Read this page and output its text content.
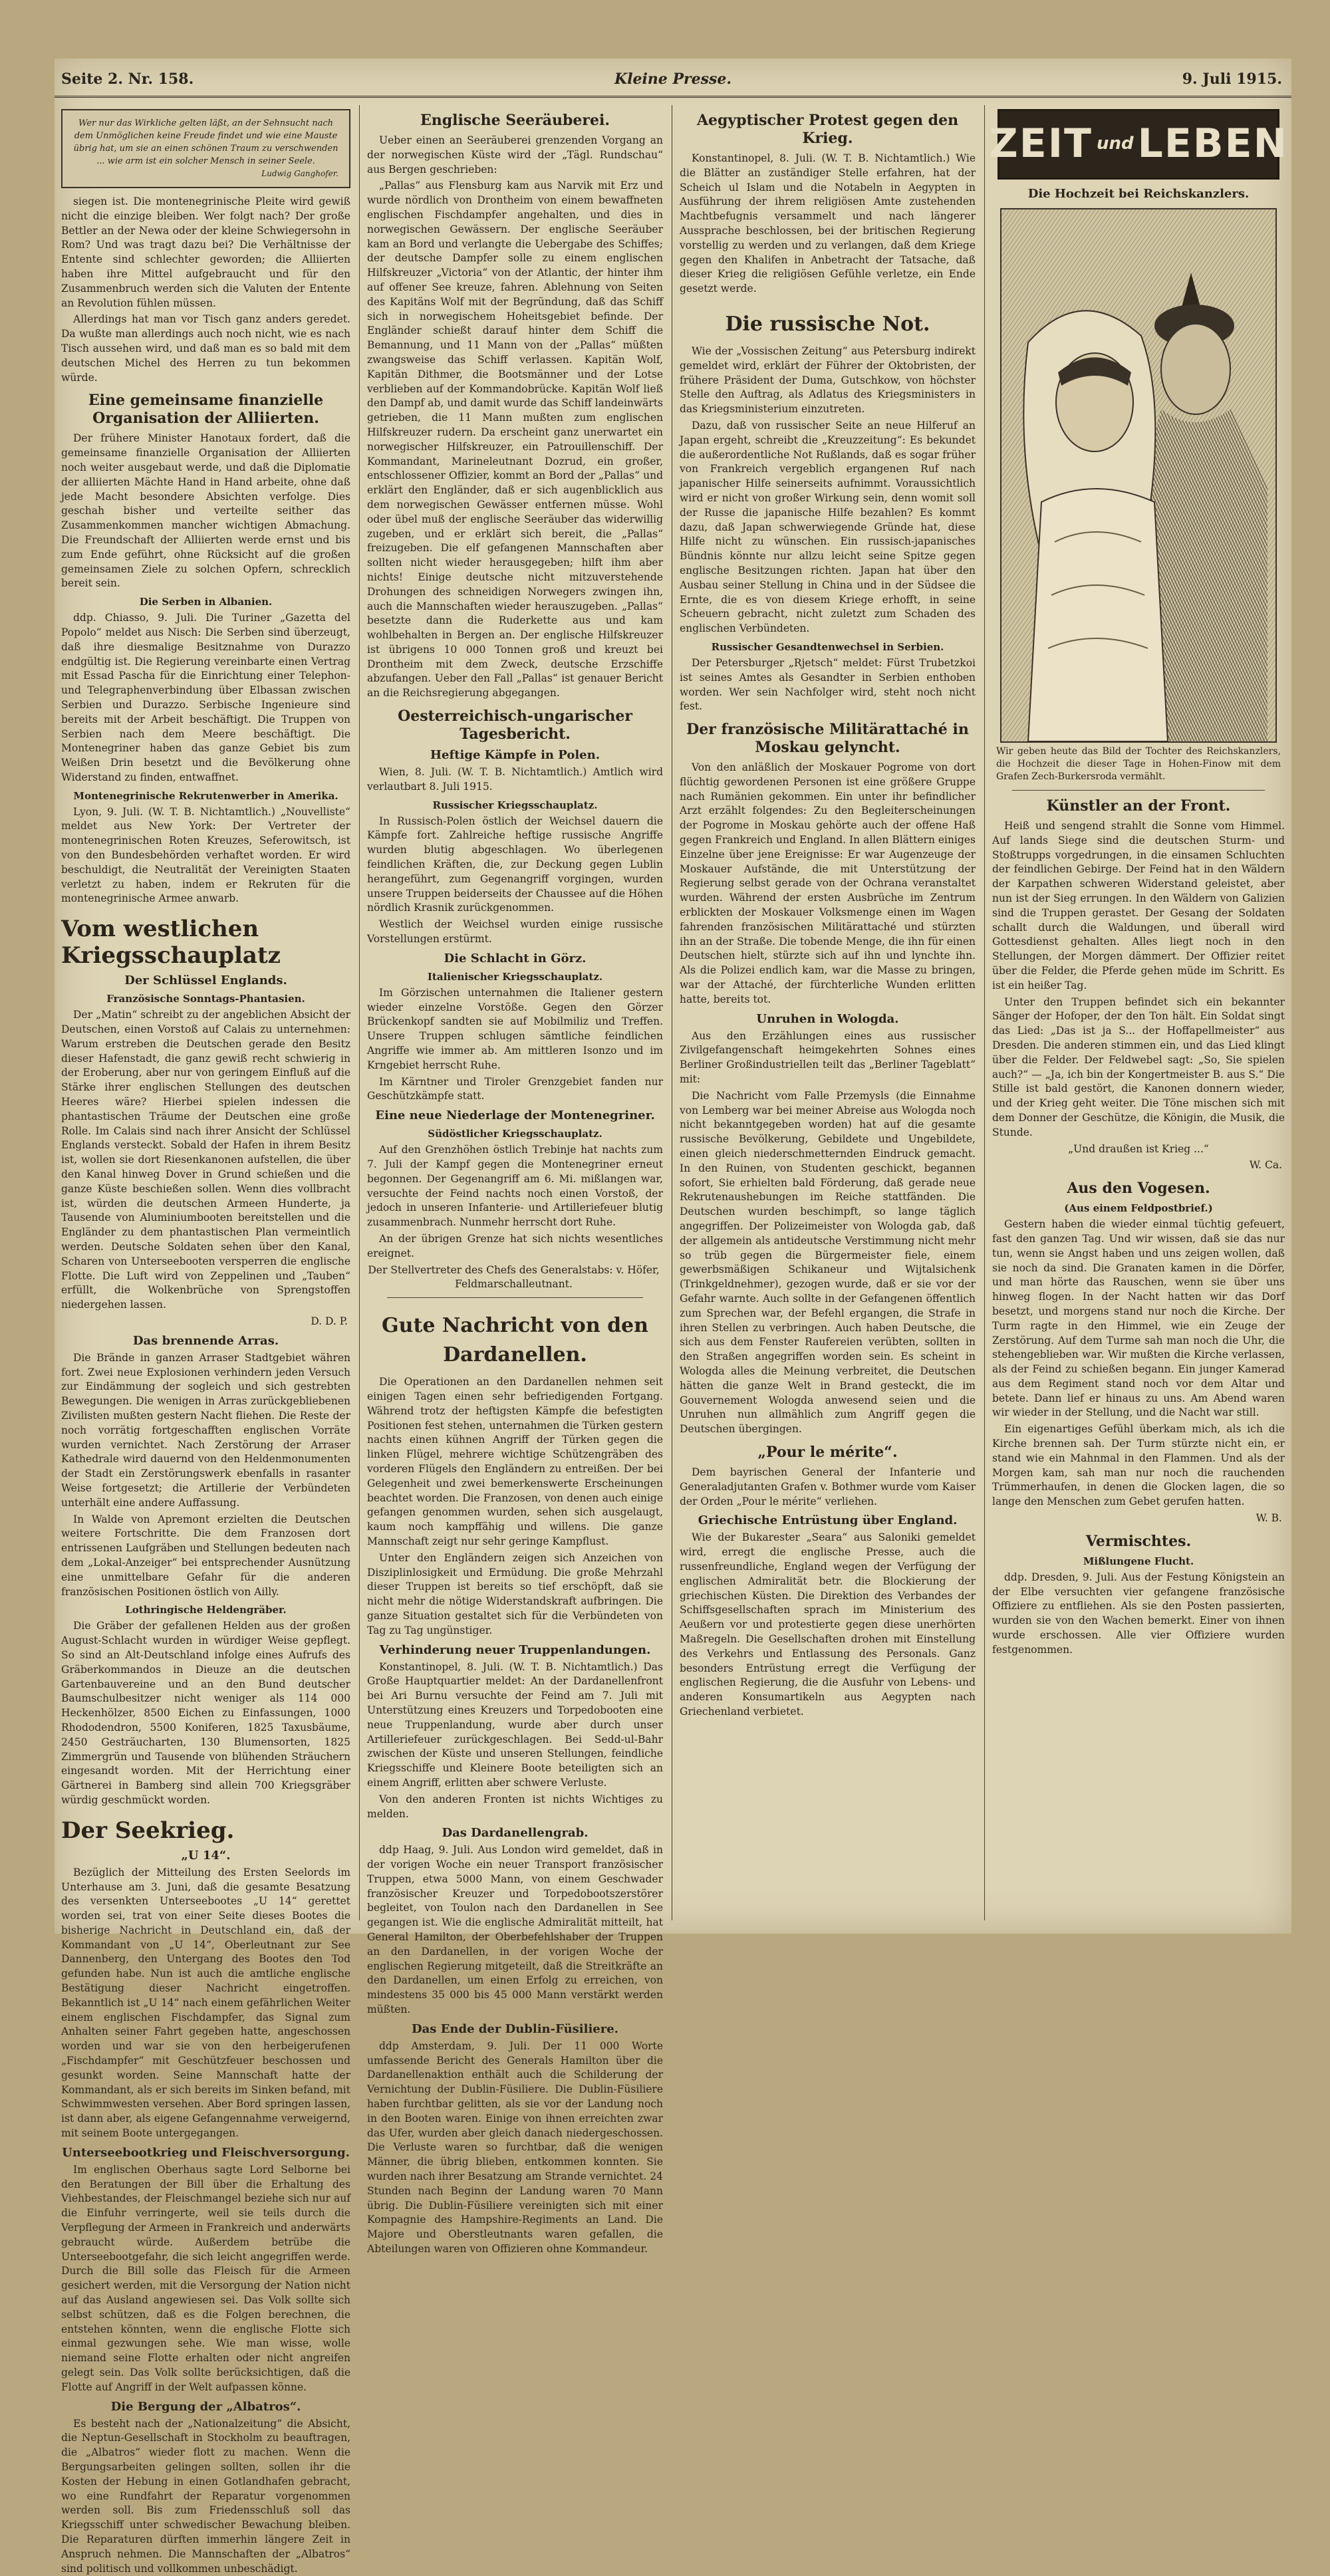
Seite 2. Nr. 158.	Kleine Presse.	9. Juli 1915.
Wer nur das Wirkliche gelten läßt, an der Sehnsucht nach dem Unmöglichen keine Freude findet und wie eine Mauste übrig hat, um sie an einen schönen Traum zu verschwenden ... wie arm ist ein solcher Mensch in seiner Seele.
Ludwig Ganghofer.

siegen ist. Die montenegrinische Pleite wird gewiß nicht die einzige bleiben. Wer folgt nach? Der große Bettler an der Newa oder der kleine Schwiegersohn in Rom? Und was tragt dazu bei? Die Verhältnisse der Entente sind schlechter geworden; die Alliierten haben ihre Mittel aufgebraucht und für den Zusammenbruch werden sich die Valuten der Entente an Revolution fühlen müssen.

Allerdings hat man vor Tisch ganz anders geredet. Da wußte man allerdings auch noch nicht, wie es nach Tisch aussehen wird, und daß man es so bald mit dem deutschen Michel des Herren zu tun bekommen würde.

Eine gemeinsame finanzielle Organisation der Alliierten.

Der frühere Minister Hanotaux fordert, daß die gemeinsame finanzielle Organisation der Alliierten noch weiter ausgebaut werde, und daß die Diplomatie der alliierten Mächte Hand in Hand arbeite, ohne daß jede Macht besondere Absichten verfolge. Dies geschah bisher und verteilte seither das Zusammenkommen mancher wichtigen Abmachung. Die Freundschaft der Alliierten werde ernst und bis zum Ende geführt, ohne Rücksicht auf die großen gemeinsamen Ziele zu solchen Opfern, schrecklich bereit sein.

Die Serben in Albanien.

ddp. Chiasso, 9. Juli. Die Turiner „Gazetta del Popolo“ meldet aus Nisch: Die Serben sind überzeugt, daß ihre diesmalige Besitznahme von Durazzo endgültig ist. Die Regierung vereinbarte einen Vertrag mit Essad Pascha für die Einrichtung einer Telephon- und Telegraphenverbindung über Elbassan zwischen Serbien und Durazzo. Serbische Ingenieure sind bereits mit der Arbeit beschäftigt. Die Truppen von Serbien nach dem Meere beschäftigt. Die Montenegriner haben das ganze Gebiet bis zum Weißen Drin besetzt und die Bevölkerung ohne Widerstand zu finden, entwaffnet.

Montenegrinische Rekrutenwerber in Amerika.

Lyon, 9. Juli. (W. T. B. Nichtamtlich.) „Nouvelliste“ meldet aus New York: Der Vertreter der montenegrinischen Roten Kreuzes, Seferowitsch, ist von den Bundesbehörden verhaftet worden. Er wird beschuldigt, die Neutralität der Vereinigten Staaten verletzt zu haben, indem er Rekruten für die montenegrinische Armee anwarb.

Vom westlichen Kriegsschauplatz
Der Schlüssel Englands.
Französische Sonntags-Phantasien.

Der „Matin“ schreibt zu der angeblichen Absicht der Deutschen, einen Vorstoß auf Calais zu unternehmen: Warum erstreben die Deutschen gerade den Besitz dieser Hafenstadt, die ganz gewiß recht schwierig in der Eroberung, aber nur von geringem Einfluß auf die Stärke ihrer englischen Stellungen des deutschen Heeres wäre? Hierbei spielen indessen die phantastischen Träume der Deutschen eine große Rolle. Im Calais sind nach ihrer Ansicht der Schlüssel Englands versteckt. Sobald der Hafen in ihrem Besitz ist, wollen sie dort Riesenkanonen aufstellen, die über den Kanal hinweg Dover in Grund schießen und die ganze Küste beschießen sollen. Wenn dies vollbracht ist, würden die deutschen Armeen Hunderte, ja Tausende von Aluminiumbooten bereitstellen und die Engländer zu dem phantastischen Plan vermeintlich werden. Deutsche Soldaten sehen über den Kanal, Scharen von Unterseebooten versperren die englische Flotte. Die Luft wird von Zeppelinen und „Tauben“ erfüllt, die Wolkenbrüche von Sprengstoffen niedergehen lassen.

D. D. P.
Das brennende Arras.

Die Brände in ganzen Arraser Stadtgebiet währen fort. Zwei neue Explosionen verhindern jeden Versuch zur Eindämmung der sogleich und sich gestrebten Bewegungen. Die wenigen in Arras zurückgebliebenen Zivilisten mußten gestern Nacht fliehen. Die Reste der noch vorrätig fortgeschafften englischen Vorräte wurden vernichtet. Nach Zerstörung der Arraser Kathedrale wird dauernd von den Heldenmonumenten der Stadt ein Zerstörungswerk ebenfalls in rasanter Weise fortgesetzt; die Artillerie der Verbündeten unterhält eine andere Auffassung.

In Walde von Apremont erzielten die Deutschen weitere Fortschritte. Die dem Franzosen dort entrissenen Laufgräben und Stellungen bedeuten nach dem „Lokal-Anzeiger“ bei entsprechender Ausnützung eine unmittelbare Gefahr für die anderen französischen Positionen östlich von Ailly.

Lothringische Heldengräber.

Die Gräber der gefallenen Helden aus der großen August-Schlacht wurden in würdiger Weise gepflegt. So sind an Alt-Deutschland infolge eines Aufrufs des Gräberkommandos in Dieuze an die deutschen Gartenbauvereine und an den Bund deutscher Baumschulbesitzer nicht weniger als 114 000 Heckenhölzer, 8500 Eichen zu Einfassungen, 1000 Rhododendron, 5500 Koniferen, 1825 Taxusbäume, 2450 Gesträucharten, 130 Blumensorten, 1825 Zimmergrün und Tausende von blühenden Sträuchern eingesandt worden. Mit der Herrichtung einer Gärtnerei in Bamberg sind allein 700 Kriegsgräber würdig geschmückt worden.

Der Seekrieg.
„U 14“.

Bezüglich der Mitteilung des Ersten Seelords im Unterhause am 3. Juni, daß die gesamte Besatzung des versenkten Unterseebootes „U 14“ gerettet worden sei, trat von einer Seite dieses Bootes die bisherige Nachricht in Deutschland ein, daß der Kommandant von „U 14“, Oberleutnant zur See Dannenberg, den Untergang des Bootes den Tod gefunden habe. Nun ist auch die amtliche englische Bestätigung dieser Nachricht eingetroffen. Bekanntlich ist „U 14“ nach einem gefährlichen Weiter einem englischen Fischdampfer, das Signal zum Anhalten seiner Fahrt gegeben hatte, angeschossen worden und war sie von den herbeigerufenen „Fischdampfer“ mit Geschützfeuer beschossen und gesunkt worden. Seine Mannschaft hatte der Kommandant, als er sich bereits im Sinken befand, mit Schwimmwesten versehen. Aber Bord springen lassen, ist dann aber, als eigene Gefangennahme verweigernd, mit seinem Boote untergegangen.

Unterseebootkrieg und Fleischversorgung.

Im englischen Oberhaus sagte Lord Selborne bei den Beratungen der Bill über die Erhaltung des Viehbestandes, der Fleischmangel beziehe sich nur auf die Einfuhr verringerte, weil sie teils durch die Verpflegung der Armeen in Frankreich und anderwärts gebraucht würde. Außerdem betrübe die Unterseebootgefahr, die sich leicht angegriffen werde. Durch die Bill solle das Fleisch für die Armeen gesichert werden, mit die Versorgung der Nation nicht auf das Ausland angewiesen sei. Das Volk sollte sich selbst schützen, daß es die Folgen berechnen, die entstehen könnten, wenn die englische Flotte sich einmal gezwungen sehe. Wie man wisse, wolle niemand seine Flotte erhalten oder nicht angreifen gelegt sein. Das Volk sollte berücksichtigen, daß die Flotte auf Angriff in der Welt aufpassen könne.

Die Bergung der „Albatros“.

Es besteht nach der „Nationalzeitung“ die Absicht, die Neptun-Gesellschaft in Stockholm zu beauftragen, die „Albatros“ wieder flott zu machen. Wenn die Bergungsarbeiten gelingen sollten, sollen ihr die Kosten der Hebung in einen Gotlandhafen gebracht, wo eine Rundfahrt der Reparatur vorgenommen werden soll. Bis zum Friedensschluß soll das Kriegsschiff unter schwedischer Bewachung bleiben. Die Reparaturen dürften immerhin längere Zeit in Anspruch nehmen. Die Mannschaften der „Albatros“ sind politisch und vollkommen unbeschädigt.

Englische Seeräuberei.

Ueber einen an Seeräuberei grenzenden Vorgang an der norwegischen Küste wird der „Tägl. Rundschau“ aus Bergen geschrieben:

„Pallas“ aus Flensburg kam aus Narvik mit Erz und wurde nördlich von Drontheim von einem bewaffneten englischen Fischdampfer angehalten, und dies in norwegischen Gewässern. Der englische Seeräuber kam an Bord und verlangte die Uebergabe des Schiffes; der deutsche Dampfer solle zu einem englischen Hilfskreuzer „Victoria“ von der Atlantic, der hinter ihm auf offener See kreuze, fahren. Ablehnung von Seiten des Kapitäns Wolf mit der Begründung, daß das Schiff sich in norwegischem Hoheitsgebiet befinde. Der Engländer schießt darauf hinter dem Schiff die Bemannung, und 11 Mann von der „Pallas“ müßten zwangsweise das Schiff verlassen. Kapitän Wolf, Kapitän Dithmer, die Bootsmänner und der Lotse verblieben auf der Kommandobrücke. Kapitän Wolf ließ den Dampf ab, und damit wurde das Schiff landeinwärts getrieben, die 11 Mann mußten zum englischen Hilfskreuzer rudern. Da erscheint ganz unerwartet ein norwegischer Hilfskreuzer, ein Patrouillenschiff. Der Kommandant, Marineleutnant Dozrud, ein großer, entschlossener Offizier, kommt an Bord der „Pallas“ und erklärt den Engländer, daß er sich augenblicklich aus dem norwegischen Gewässer entfernen müsse. Wohl oder übel muß der englische Seeräuber das widerwillig zugeben, und er erklärt sich bereit, die „Pallas“ freizugeben. Die elf gefangenen Mannschaften aber sollten nicht wieder herausgegeben; hilft ihm aber nichts! Einige deutsche nicht mitzuverstehende Drohungen des schneidigen Norwegers zwingen ihn, auch die Mannschaften wieder herauszugeben. „Pallas“ besetzte dann die Ruderkette aus und kam wohlbehalten in Bergen an. Der englische Hilfskreuzer ist übrigens 10 000 Tonnen groß und kreuzt bei Drontheim mit dem Zweck, deutsche Erzschiffe abzufangen. Ueber den Fall „Pallas“ ist genauer Bericht an die Reichsregierung abgegangen.

Oesterreichisch-ungarischer Tagesbericht.
Heftige Kämpfe in Polen.

Wien, 8. Juli. (W. T. B. Nichtamtlich.) Amtlich wird verlautbart 8. Juli 1915.

Russischer Kriegsschauplatz.

In Russisch-Polen östlich der Weichsel dauern die Kämpfe fort. Zahlreiche heftige russische Angriffe wurden blutig abgeschlagen. Wo überlegenen feindlichen Kräften, die, zur Deckung gegen Lublin herangeführt, zum Gegenangriff vorgingen, wurden unsere Truppen beiderseits der Chaussee auf die Höhen nördlich Krasnik zurückgenommen.

Westlich der Weichsel wurden einige russische Vorstellungen erstürmt.

Die Schlacht in Görz.
Italienischer Kriegsschauplatz.

Im Görzischen unternahmen die Italiener gestern wieder einzelne Vorstöße. Gegen den Görzer Brückenkopf sandten sie auf Mobilmiliz und Treffen. Unsere Truppen schlugen sämtliche feindlichen Angriffe wie immer ab. Am mittleren Isonzo und im Krngebiet herrscht Ruhe.

Im Kärntner und Tiroler Grenzgebiet fanden nur Geschützkämpfe statt.

Eine neue Niederlage der Montenegriner.
Südöstlicher Kriegsschauplatz.

Auf den Grenzhöhen östlich Trebinje hat nachts zum 7. Juli der Kampf gegen die Montenegriner erneut begonnen. Der Gegenangriff am 6. Mi. mißlangen war, versuchte der Feind nachts noch einen Vorstoß, der jedoch in unseren Infanterie- und Artilleriefeuer blutig zusammenbrach. Nunmehr herrscht dort Ruhe.

An der übrigen Grenze hat sich nichts wesentliches ereignet.

Der Stellvertreter des Chefs des Generalstabs: v. Höfer, Feldmarschalleutnant.
Gute Nachricht von den Dardanellen.

Die Operationen an den Dardanellen nehmen seit einigen Tagen einen sehr befriedigenden Fortgang. Während trotz der heftigsten Kämpfe die befestigten Positionen fest stehen, unternahmen die Türken gestern nachts einen kühnen Angriff der Türken gegen die linken Flügel, mehrere wichtige Schützengräben des vorderen Flügels den Engländern zu entreißen. Der bei Gelegenheit und zwei bemerkenswerte Erscheinungen beachtet worden. Die Franzosen, von denen auch einige gefangen genommen wurden, sehen sich ausgelaugt, kaum noch kampffähig und willens. Die ganze Mannschaft zeigt nur sehr geringe Kampflust.

Unter den Engländern zeigen sich Anzeichen von Disziplinlosigkeit und Ermüdung. Die große Mehrzahl dieser Truppen ist bereits so tief erschöpft, daß sie nicht mehr die nötige Widerstandskraft aufbringen. Die ganze Situation gestaltet sich für die Verbündeten von Tag zu Tag ungünstiger.

Verhinderung neuer Truppenlandungen.

Konstantinopel, 8. Juli. (W. T. B. Nichtamtlich.) Das Große Hauptquartier meldet: An der Dardanellenfront bei Ari Burnu versuchte der Feind am 7. Juli mit Unterstützung eines Kreuzers und Torpedobooten eine neue Truppenlandung, wurde aber durch unser Artilleriefeuer zurückgeschlagen. Bei Sedd-ul-Bahr zwischen der Küste und unseren Stellungen, feindliche Kriegsschiffe und Kleinere Boote beteiligten sich an einem Angriff, erlitten aber schwere Verluste.

Von den anderen Fronten ist nichts Wichtiges zu melden.

Das Dardanellengrab.

ddp Haag, 9. Juli. Aus London wird gemeldet, daß in der vorigen Woche ein neuer Transport französischer Truppen, etwa 5000 Mann, von einem Geschwader französischer Kreuzer und Torpedobootszerstörer begleitet, von Toulon nach den Dardanellen in See gegangen ist. Wie die englische Admiralität mitteilt, hat General Hamilton, der Oberbefehlshaber der Truppen an den Dardanellen, in der vorigen Woche der englischen Regierung mitgeteilt, daß die Streitkräfte an den Dardanellen, um einen Erfolg zu erreichen, von mindestens 35 000 bis 45 000 Mann verstärkt werden müßten.

Das Ende der Dublin-Füsiliere.

ddp Amsterdam, 9. Juli. Der 11 000 Worte umfassende Bericht des Generals Hamilton über die Dardanellenaktion enthält auch die Schilderung der Vernichtung der Dublin-Füsiliere. Die Dublin-Füsiliere haben furchtbar gelitten, als sie vor der Landung noch in den Booten waren. Einige von ihnen erreichten zwar das Ufer, wurden aber gleich danach niedergeschossen. Die Verluste waren so furchtbar, daß die wenigen Männer, die übrig blieben, entkommen konnten. Sie wurden nach ihrer Besatzung am Strande vernichtet. 24 Stunden nach Beginn der Landung waren 70 Mann übrig. Die Dublin-Füsiliere vereinigten sich mit einer Kompagnie des Hampshire-Regiments an Land. Die Majore und Oberstleutnants waren gefallen, die Abteilungen waren von Offizieren ohne Kommandeur.

Aegyptischer Protest gegen den Krieg.

Konstantinopel, 8. Juli. (W. T. B. Nichtamtlich.) Wie die Blätter an zuständiger Stelle erfahren, hat der Scheich ul Islam und die Notabeln in Aegypten in Ausführung der ihrem religiösen Amte zustehenden Machtbefugnis versammelt und nach längerer Aussprache beschlossen, bei der britischen Regierung vorstellig zu werden und zu verlangen, daß dem Kriege gegen den Khalifen in Anbetracht der Tatsache, daß dieser Krieg die religiösen Gefühle verletze, ein Ende gesetzt werde.

Die russische Not.

Wie der „Vossischen Zeitung“ aus Petersburg indirekt gemeldet wird, erklärt der Führer der Oktobristen, der frühere Präsident der Duma, Gutschkow, von höchster Stelle den Auftrag, als Adlatus des Kriegsministers in das Kriegsministerium einzutreten.

Dazu, daß von russischer Seite an neue Hilferuf an Japan ergeht, schreibt die „Kreuzzeitung“: Es bekundet die außerordentliche Not Rußlands, daß es sogar früher von Frankreich vergeblich ergangenen Ruf nach japanischer Hilfe seinerseits aufnimmt. Voraussichtlich wird er nicht von großer Wirkung sein, denn womit soll der Russe die japanische Hilfe bezahlen? Es kommt dazu, daß Japan schwerwiegende Gründe hat, diese Hilfe nicht zu wünschen. Ein russisch-japanisches Bündnis könnte nur allzu leicht seine Spitze gegen englische Besitzungen richten. Japan hat über den Ausbau seiner Stellung in China und in der Südsee die Ernte, die es von diesem Kriege erhofft, in seine Scheuern gebracht, nicht zuletzt zum Schaden des englischen Verbündeten.

Russischer Gesandtenwechsel in Serbien.

Der Petersburger „Rjetsch“ meldet: Fürst Trubetzkoi ist seines Amtes als Gesandter in Serbien enthoben worden. Wer sein Nachfolger wird, steht noch nicht fest.

Der französische Militärattaché in Moskau gelyncht.

Von den anläßlich der Moskauer Pogrome von dort flüchtig gewordenen Personen ist eine größere Gruppe nach Rumänien gekommen. Ein unter ihr befindlicher Arzt erzählt folgendes: Zu den Begleiterscheinungen der Pogrome in Moskau gehörte auch der offene Haß gegen Frankreich und England. In allen Blättern einiges Einzelne über jene Ereignisse: Er war Augenzeuge der Moskauer Aufstände, die mit Unterstützung der Regierung selbst gerade von der Ochrana veranstaltet wurden. Während der ersten Ausbrüche im Zentrum erblickten der Moskauer Volksmenge einen im Wagen fahrenden französischen Militärattaché und stürzten ihn an der Straße. Die tobende Menge, die ihn für einen Deutschen hielt, stürzte sich auf ihn und lynchte ihn. Als die Polizei endlich kam, war die Masse zu bringen, war der Attaché, der fürchterliche Wunden erlitten hatte, bereits tot.

Unruhen in Wologda.

Aus den Erzählungen eines aus russischer Zivilgefangenschaft heimgekehrten Sohnes eines Berliner Großindustriellen teilt das „Berliner Tageblatt“ mit:

Die Nachricht vom Falle Przemysls (die Einnahme von Lemberg war bei meiner Abreise aus Wologda noch nicht bekanntgegeben worden) hat auf die gesamte russische Bevölkerung, Gebildete und Ungebildete, einen gleich niederschmetternden Eindruck gemacht. In den Ruinen, von Studenten geschickt, begannen sofort, Sie erhielten bald Förderung, daß gerade neue Rekrutenaushebungen im Reiche stattfänden. Die Deutschen wurden beschimpft, so lange täglich angegriffen. Der Polizeimeister von Wologda gab, daß der allgemein als antideutsche Verstimmung nicht mehr so trüb gegen die Bürgermeister fiele, einem gewerbsmäßigen Schikaneur und Wijtalsichenk (Trinkgeldnehmer), gezogen wurde, daß er sie vor der Gefahr warnte. Auch sollte in der Gefangenen öffentlich zum Sprechen war, der Befehl ergangen, die Strafe in ihren Stellen zu verbringen. Auch haben Deutsche, die sich aus dem Fenster Raufereien verübten, sollten in den Straßen angegriffen worden sein. Es scheint in Wologda alles die Meinung verbreitet, die Deutschen hätten die ganze Welt in Brand gesteckt, die im Gouvernement Wologda anwesend seien und die Unruhen nun allmählich zum Angriff gegen die Deutschen übergingen.

„Pour le mérite“.

Dem bayrischen General der Infanterie und Generaladjutanten Grafen v. Bothmer wurde vom Kaiser der Orden „Pour le mérite“ verliehen.

Griechische Entrüstung über England.

Wie der Bukarester „Seara“ aus Saloniki gemeldet wird, erregt die englische Presse, auch die russenfreundliche, England wegen der Verfügung der englischen Admiralität betr. die Blockierung der griechischen Küsten. Die Direktion des Verbandes der Schiffsgesellschaften sprach im Ministerium des Aeußern vor und protestierte gegen diese unerhörten Maßregeln. Die Gesellschaften drohen mit Einstellung des Verkehrs und Entlassung des Personals. Ganz besonders Entrüstung erregt die Verfügung der englischen Regierung, die die Ausfuhr von Lebens- und anderen Konsumartikeln aus Aegypten nach Griechenland verbietet.

ZEIT und LEBEN
Die Hochzeit bei Reichskanzlers.
Wir geben heute das Bild der Tochter des Reichskanzlers, die Hochzeit die dieser Tage in Hohen-Finow mit dem Grafen Zech-Burkersroda vermählt.
Künstler an der Front.

Heiß und sengend strahlt die Sonne vom Himmel. Auf lands Siege sind die deutschen Sturm- und Stoßtrupps vorgedrungen, in die einsamen Schluchten der feindlichen Gebirge. Der Feind hat in den Wäldern der Karpathen schweren Widerstand geleistet, aber nun ist der Sieg errungen. In den Wäldern von Galizien sind die Truppen gerastet. Der Gesang der Soldaten schallt durch die Waldungen, und überall wird Gottesdienst gehalten. Alles liegt noch in den Stellungen, der Morgen dämmert. Der Offizier reitet über die Felder, die Pferde gehen müde im Schritt. Es ist ein heißer Tag.

Unter den Truppen befindet sich ein bekannter Sänger der Hofoper, der den Ton hält. Ein Soldat singt das Lied: „Das ist ja S... der Hoffapellmeister“ aus Dresden. Die anderen stimmen ein, und das Lied klingt über die Felder. Der Feldwebel sagt: „So, Sie spielen auch?“ — „Ja, ich bin der Kongertmeister B. aus S.“ Die Stille ist bald gestört, die Kanonen donnern wieder, und der Krieg geht weiter. Die Töne mischen sich mit dem Donner der Geschütze, die Königin, die Musik, die Stunde.

„Und draußen ist Krieg ...“

W. Ca.
Aus den Vogesen.
(Aus einem Feldpostbrief.)

Gestern haben die wieder einmal tüchtig gefeuert, fast den ganzen Tag. Und wir wissen, daß sie das nur tun, wenn sie Angst haben und uns zeigen wollen, daß sie noch da sind. Die Granaten kamen in die Dörfer, und man hörte das Rauschen, wenn sie über uns hinweg flogen. In der Nacht hatten wir das Dorf besetzt, und morgens stand nur noch die Kirche. Der Turm ragte in den Himmel, wie ein Zeuge der Zerstörung. Auf dem Turme sah man noch die Uhr, die stehengeblieben war. Wir mußten die Kirche verlassen, als der Feind zu schießen begann. Ein junger Kamerad aus dem Regiment stand noch vor dem Altar und betete. Dann lief er hinaus zu uns. Am Abend waren wir wieder in der Stellung, und die Nacht war still.

Ein eigenartiges Gefühl überkam mich, als ich die Kirche brennen sah. Der Turm stürzte nicht ein, er stand wie ein Mahnmal in den Flammen. Und als der Morgen kam, sah man nur noch die rauchenden Trümmerhaufen, in denen die Glocken lagen, die so lange den Menschen zum Gebet gerufen hatten.

W. B.
Vermischtes.
Mißlungene Flucht.

ddp. Dresden, 9. Juli. Aus der Festung Königstein an der Elbe versuchten vier gefangene französische Offiziere zu entfliehen. Als sie den Posten passierten, wurden sie von den Wachen bemerkt. Einer von ihnen wurde erschossen. Alle vier Offiziere wurden festgenommen.
